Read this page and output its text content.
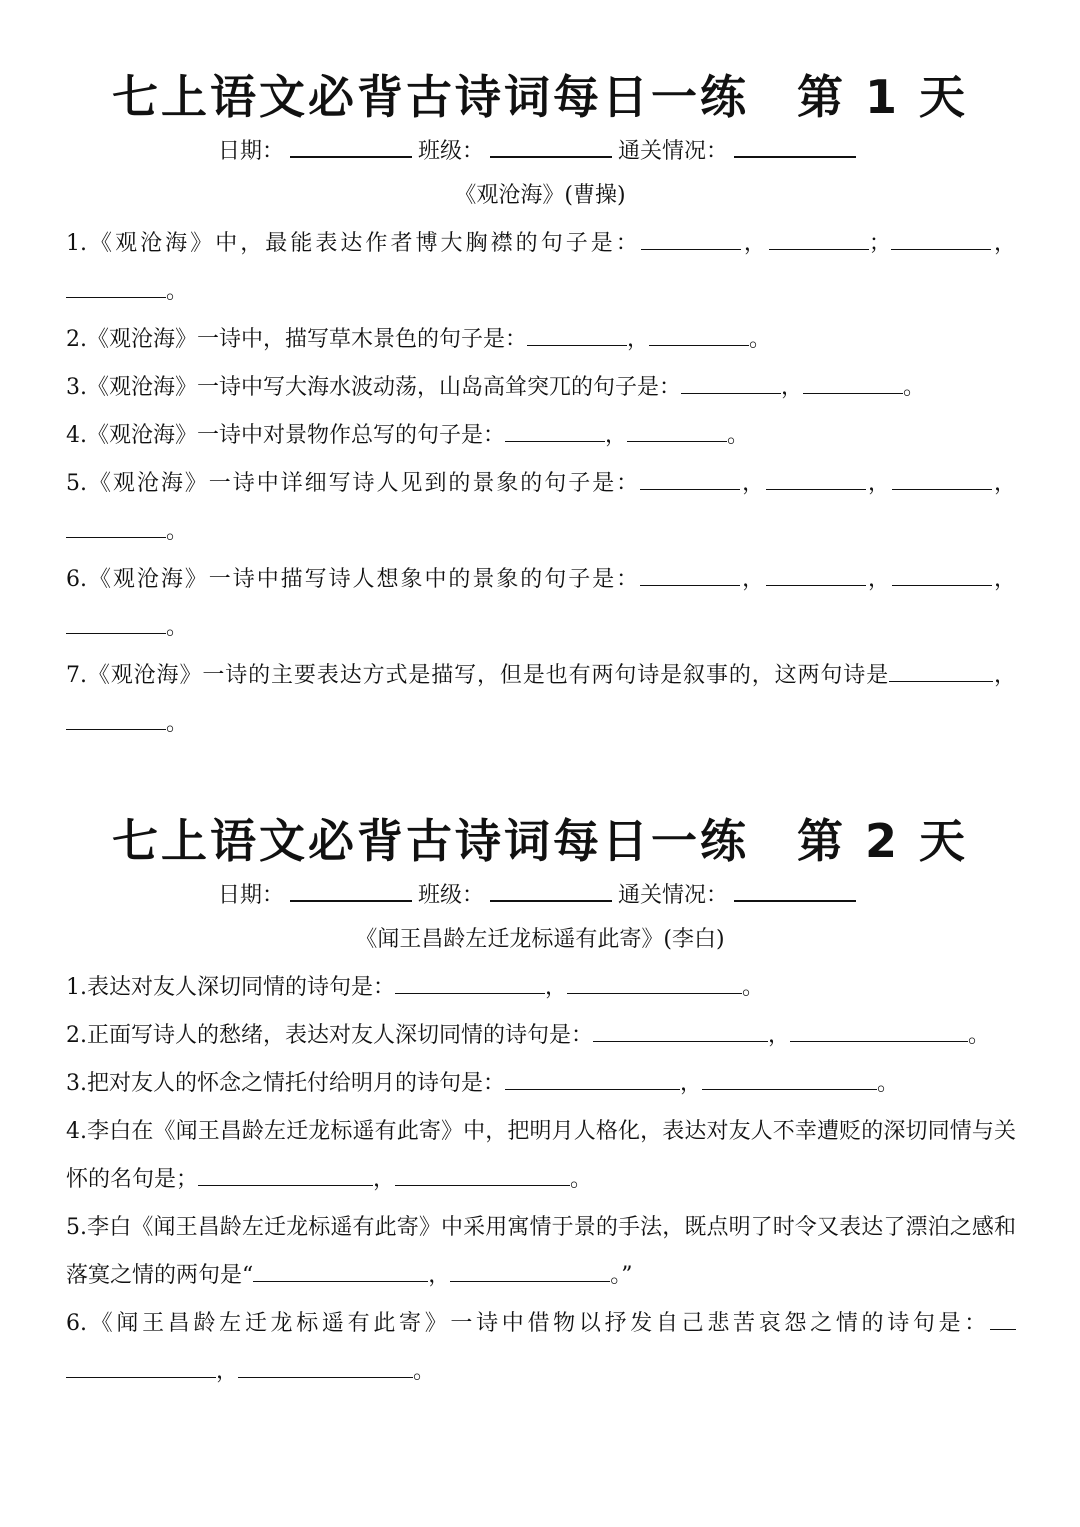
七上语文必背古诗词每日一练 第 1 天
日期：	班级：	通关情况：
《观沧海》(曹操)
1.《观沧海》中，最能表达作者博大胸襟的句子是：	，	；	，。
2.《观沧海》一诗中，描写草木景色的句子是：	，	。
3.《观沧海》一诗中写大海水波动荡，山岛高耸突兀的句子是：	，	。
4.《观沧海》一诗中对景物作总写的句子是：	，	。
5.《观沧海》一诗中详细写诗人见到的景象的句子是：	，	，	，。
6.《观沧海》一诗中描写诗人想象中的景象的句子是：	，	，	，。
7.《观沧海》一诗的主要表达方式是描写，但是也有两句诗是叙事的，这两句诗是	，。
七上语文必背古诗词每日一练 第 2 天
日期：	班级：	通关情况：
《闻王昌龄左迁龙标遥有此寄》(李白)
1.表达对友人深切同情的诗句是：	，	。
2.正面写诗人的愁绪，表达对友人深切同情的诗句是：	，	。
3.把对友人的怀念之情托付给明月的诗句是：	，	。
4.李白在《闻王昌龄左迁龙标遥有此寄》中，把明月人格化，表达对友人不幸遭贬的深切同情与关怀的名句是；	，	。
5.李白《闻王昌龄左迁龙标遥有此寄》中采用寓情于景的手法，既点明了时令又表达了漂泊之感和落寞之情的两句是“	，	。”
6.《闻王昌龄左迁龙标遥有此寄》一诗中借物以抒发自己悲苦哀怨之情的诗句是：，	。
